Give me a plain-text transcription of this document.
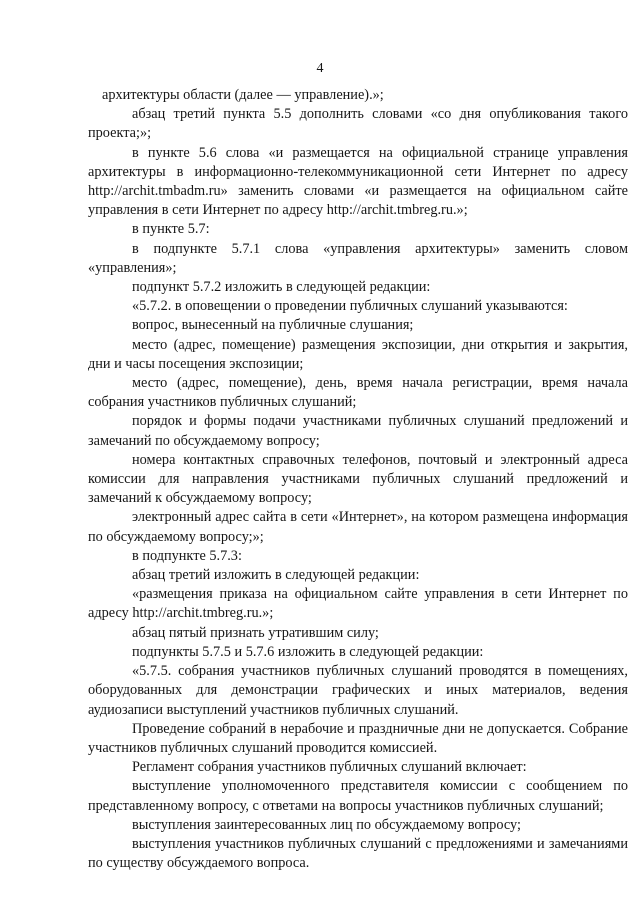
4

архитектуры области (далее — управление).»;

абзац третий пункта 5.5 дополнить словами «со дня опубликования такого проекта;»;

в пункте 5.6 слова «и размещается на официальной странице управления архитектуры в информационно-телекоммуникационной сети Интернет по адресу http://archit.tmbadm.ru» заменить словами «и размещается на официальном сайте управления в сети Интернет по адресу http://archit.tmbreg.ru.»;

в пункте 5.7:

в подпункте 5.7.1 слова «управления архитектуры» заменить словом «управления»;

подпункт 5.7.2 изложить в следующей редакции:

«5.7.2. в оповещении о проведении публичных слушаний указываются:

вопрос, вынесенный на публичные слушания;

место (адрес, помещение) размещения экспозиции, дни открытия и закрытия, дни и часы посещения экспозиции;

место (адрес, помещение), день, время начала регистрации, время начала собрания участников публичных слушаний;

порядок и формы подачи участниками публичных слушаний предложений и замечаний по обсуждаемому вопросу;

номера контактных справочных телефонов, почтовый и электронный адреса комиссии для направления участниками публичных слушаний предложений и замечаний к обсуждаемому вопросу;

электронный адрес сайта в сети «Интернет», на котором размещена информация по обсуждаемому вопросу;»;

в подпункте 5.7.3:

абзац третий изложить в следующей редакции:

«размещения приказа на официальном сайте управления в сети Интернет по адресу http://archit.tmbreg.ru.»;

абзац пятый признать утратившим силу;

подпункты 5.7.5 и 5.7.6 изложить в следующей редакции:

«5.7.5. собрания участников публичных слушаний проводятся в помещениях, оборудованных для демонстрации графических и иных материалов, ведения аудиозаписи выступлений участников публичных слушаний.

Проведение собраний в нерабочие и праздничные дни не допускается. Собрание участников публичных слушаний проводится комиссией.

Регламент собрания участников публичных слушаний включает:

выступление уполномоченного представителя комиссии с сообщением по представленному вопросу, с ответами на вопросы участников публичных слушаний;

выступления заинтересованных лиц по обсуждаемому вопросу;

выступления участников публичных слушаний с предложениями и замечаниями по существу обсуждаемого вопроса.
